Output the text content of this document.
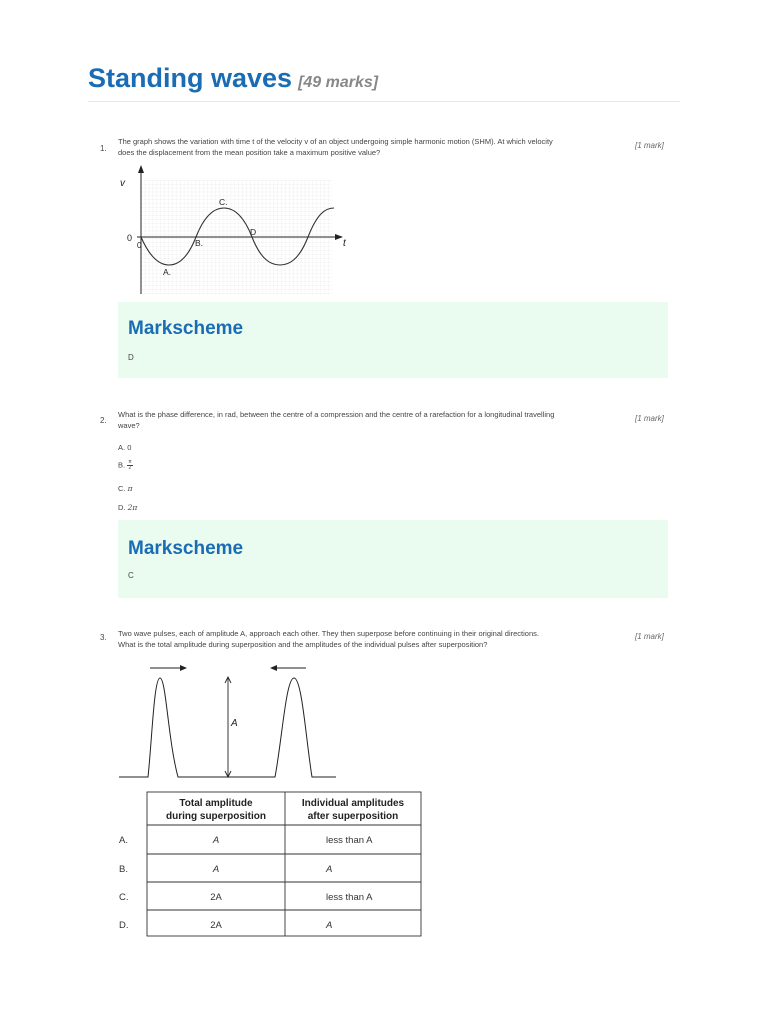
Standing waves [49 marks]
1.
The graph shows the variation with time t of the velocity v of an object undergoing simple harmonic motion (SHM). At which velocity
does the displacement from the mean position take a maximum positive value?
[1 mark]
v
t
0
0
A.
B.
C.
D
Markscheme
D
2.
What is the phase difference, in rad, between the centre of a compression and the centre of a rarefaction for a longitudinal travelling
wave?
[1 mark]
A. 0
B. $\frac{\pi}{2}$
C. π
D. 2π
Markscheme
C
3. Two wave pulses, each of amplitude A, approach each other. They then superpose before continuing in their original directions.
What is the total amplitude during superposition and the amplitudes of the individual pulses after superposition?
[1 mark]
A
Total amplitude
during superposition
Individual amplitudes
after superposition
A.	A	less than A
B.	A	A
C.	2A	less than A
D.	2A	A
